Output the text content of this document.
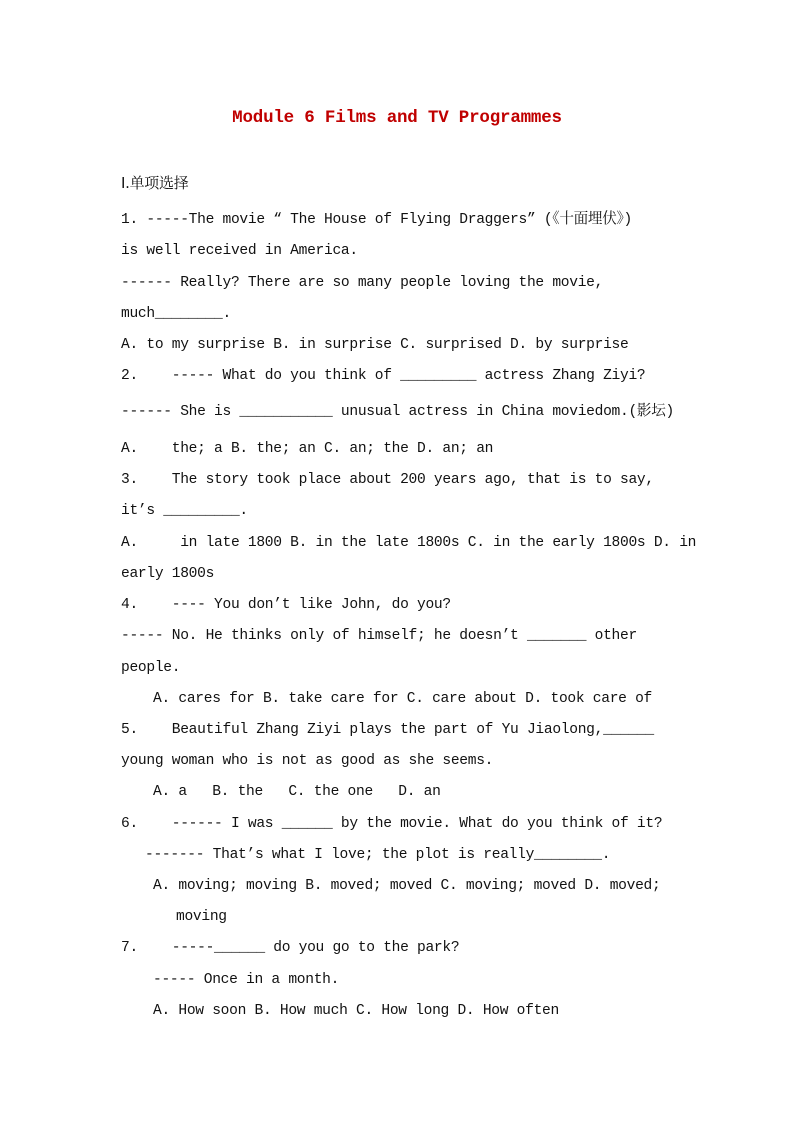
Module 6 Films and TV Programmes
I.单项选择
1. -----The movie “ The House of Flying Draggers” (《十面埋伏》)
is well received in America.
------ Really? There are so many people loving the movie,
much________.
A. to my surprise B. in surprise C. surprised D. by surprise
2.    ----- What do you think of _________ actress Zhang Ziyi?
------ She is ___________ unusual actress in China moviedom.(影坛)
A.    the; a B. the; an C. an; the D. an; an
3.    The story took place about 200 years ago, that is to say,
it’s _________.
A.     in late 1800 B. in the late 1800s C. in the early 1800s D. in
early 1800s
4.    ---- You don’t like John, do you?
----- No. He thinks only of himself; he doesn’t _______ other
people.
A. cares for B. take care for C. care about D. took care of
5.    Beautiful Zhang Ziyi plays the part of Yu Jiaolong,______
young woman who is not as good as she seems.
A. a   B. the   C. the one   D. an
6.    ------ I was ______ by the movie. What do you think of it?
------- That’s what I love; the plot is really________.
A. moving; moving B. moved; moved C. moving; moved D. moved;
moving
7.    -----______ do you go to the park?
----- Once in a month.
A. How soon B. How much C. How long D. How often
